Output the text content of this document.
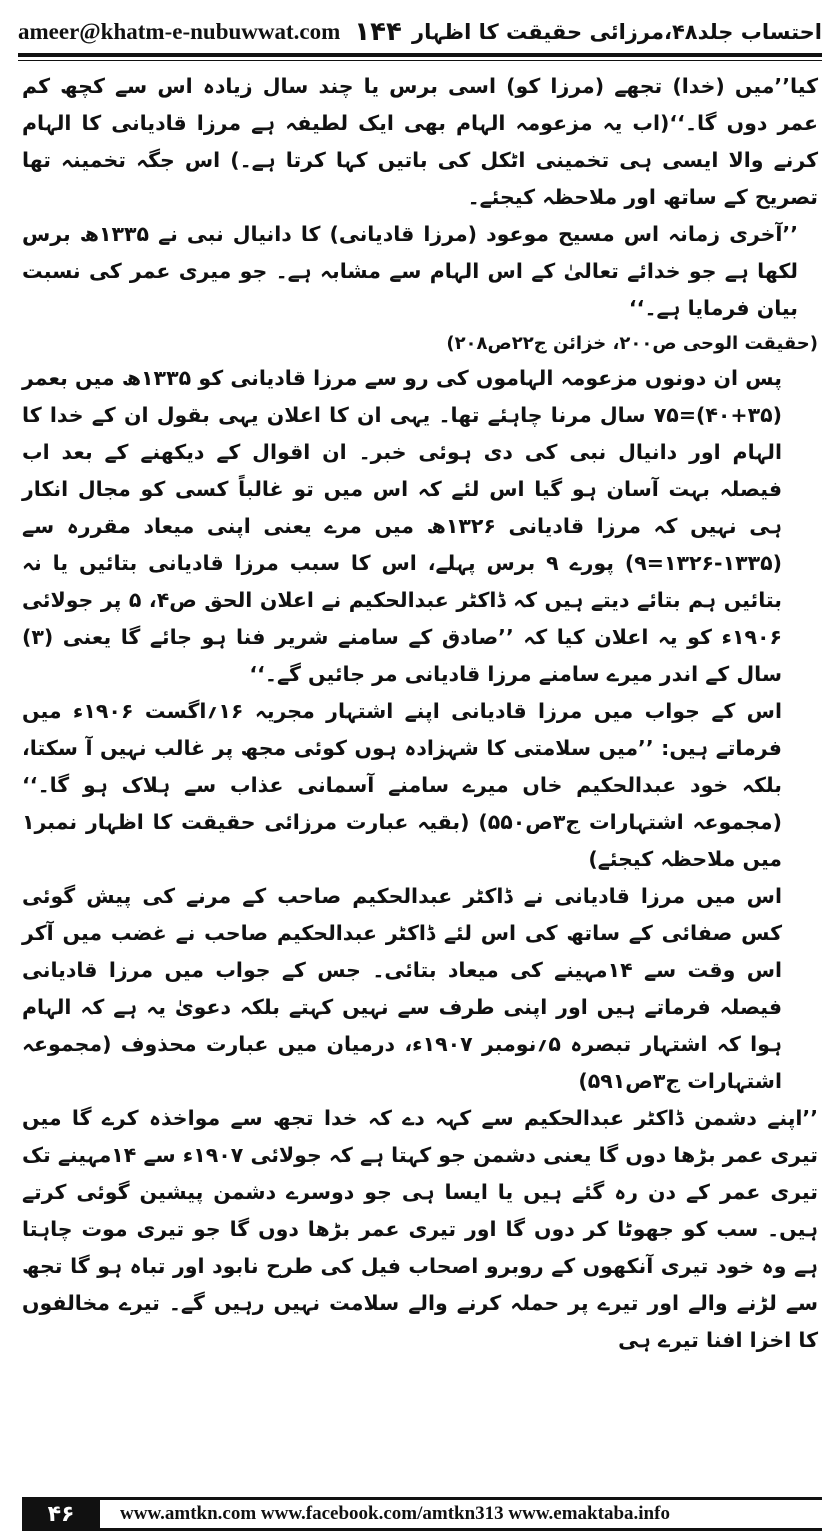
ameer@khatm-e-nubuwwat.com ۱۴۴ احتساب جلد۴۸،مرزائی حقیقت کا اظہار

کیا’’میں (خدا) تجھے (مرزا کو) اسی برس یا چند سال زیادہ اس سے کچھ کم عمر دوں گا۔‘‘(اب یہ مزعومہ الہام بھی ایک لطیفہ ہے مرزا قادیانی کا الہام کرنے والا ایسی ہی تخمینی اٹکل کی باتیں کہا کرتا ہے۔) اس جگہ تخمینہ تھا تصریح کے ساتھ اور ملاحظہ کیجئے۔

’’آخری زمانہ اس مسیح موعود (مرزا قادیانی) کا دانیال نبی نے ۱۳۳۵ھ برس لکھا ہے جو خدائے تعالیٰ کے اس الہام سے مشابہ ہے۔ جو میری عمر کی نسبت بیان فرمایا ہے۔‘‘

(حقیقت الوحی ص۲۰۰، خزائن ج۲۲ص۲۰۸)

پس ان دونوں مزعومہ الہاموں کی رو سے مرزا قادیانی کو ۱۳۳۵ھ میں بعمر (۳۵+۴۰)=۷۵ سال مرنا چاہئے تھا۔ یہی ان کا اعلان یہی بقول ان کے خدا کا الہام اور دانیال نبی کی دی ہوئی خبر۔ ان اقوال کے دیکھنے کے بعد اب فیصلہ بہت آسان ہو گیا اس لئے کہ اس میں تو غالباً کسی کو مجال انکار ہی نہیں کہ مرزا قادیانی ۱۳۲۶ھ میں مرے یعنی اپنی میعاد مقررہ سے (۱۳۳۵-۱۳۲۶=۹) پورے ۹ برس پہلے، اس کا سبب مرزا قادیانی بتائیں یا نہ بتائیں ہم بتائے دیتے ہیں کہ ڈاکٹر عبدالحکیم نے اعلان الحق ص۴، ۵ پر جولائی ۱۹۰۶ء کو یہ اعلان کیا کہ ’’صادق کے سامنے شریر فنا ہو جائے گا یعنی (۳) سال کے اندر میرے سامنے مرزا قادیانی مر جائیں گے۔‘‘

اس کے جواب میں مرزا قادیانی اپنے اشتہار مجریہ ۱۶؍اگست ۱۹۰۶ء میں فرماتے ہیں: ’’میں سلامتی کا شہزادہ ہوں کوئی مجھ پر غالب نہیں آ سکتا، بلکہ خود عبدالحکیم خاں میرے سامنے آسمانی عذاب سے ہلاک ہو گا۔‘‘ (مجموعہ اشتہارات ج۳ص۵۵۰) (بقیہ عبارت مرزائی حقیقت کا اظہار نمبر۱ میں ملاحظہ کیجئے)

اس میں مرزا قادیانی نے ڈاکٹر عبدالحکیم صاحب کے مرنے کی پیش گوئی کس صفائی کے ساتھ کی اس لئے ڈاکٹر عبدالحکیم صاحب نے غضب میں آکر اس وقت سے ۱۴مہینے کی میعاد بتائی۔ جس کے جواب میں مرزا قادیانی فیصلہ فرماتے ہیں اور اپنی طرف سے نہیں کہتے بلکہ دعویٰ یہ ہے کہ الہام ہوا کہ اشتہار تبصرہ ۵؍نومبر ۱۹۰۷ء، درمیان میں عبارت محذوف (مجموعہ اشتہارات ج۳ص۵۹۱)

’’اپنے دشمن ڈاکٹر عبدالحکیم سے کہہ دے کہ خدا تجھ سے مواخذہ کرے گا میں تیری عمر بڑھا دوں گا یعنی دشمن جو کہتا ہے کہ جولائی ۱۹۰۷ء سے ۱۴مہینے تک تیری عمر کے دن رہ گئے ہیں یا ایسا ہی جو دوسرے دشمن پیشین گوئی کرتے ہیں۔ سب کو جھوٹا کر دوں گا اور تیری عمر بڑھا دوں گا جو تیری موت چاہتا ہے وہ خود تیری آنکھوں کے روبرو اصحاب فیل کی طرح نابود اور تباہ ہو گا تجھ سے لڑنے والے اور تیرے پر حملہ کرنے والے سلامت نہیں رہیں گے۔ تیرے مخالفوں کا اخزا افنا تیرے ہی

۴۶	www.amtkn.com www.facebook.com/amtkn313 www.emaktaba.info
